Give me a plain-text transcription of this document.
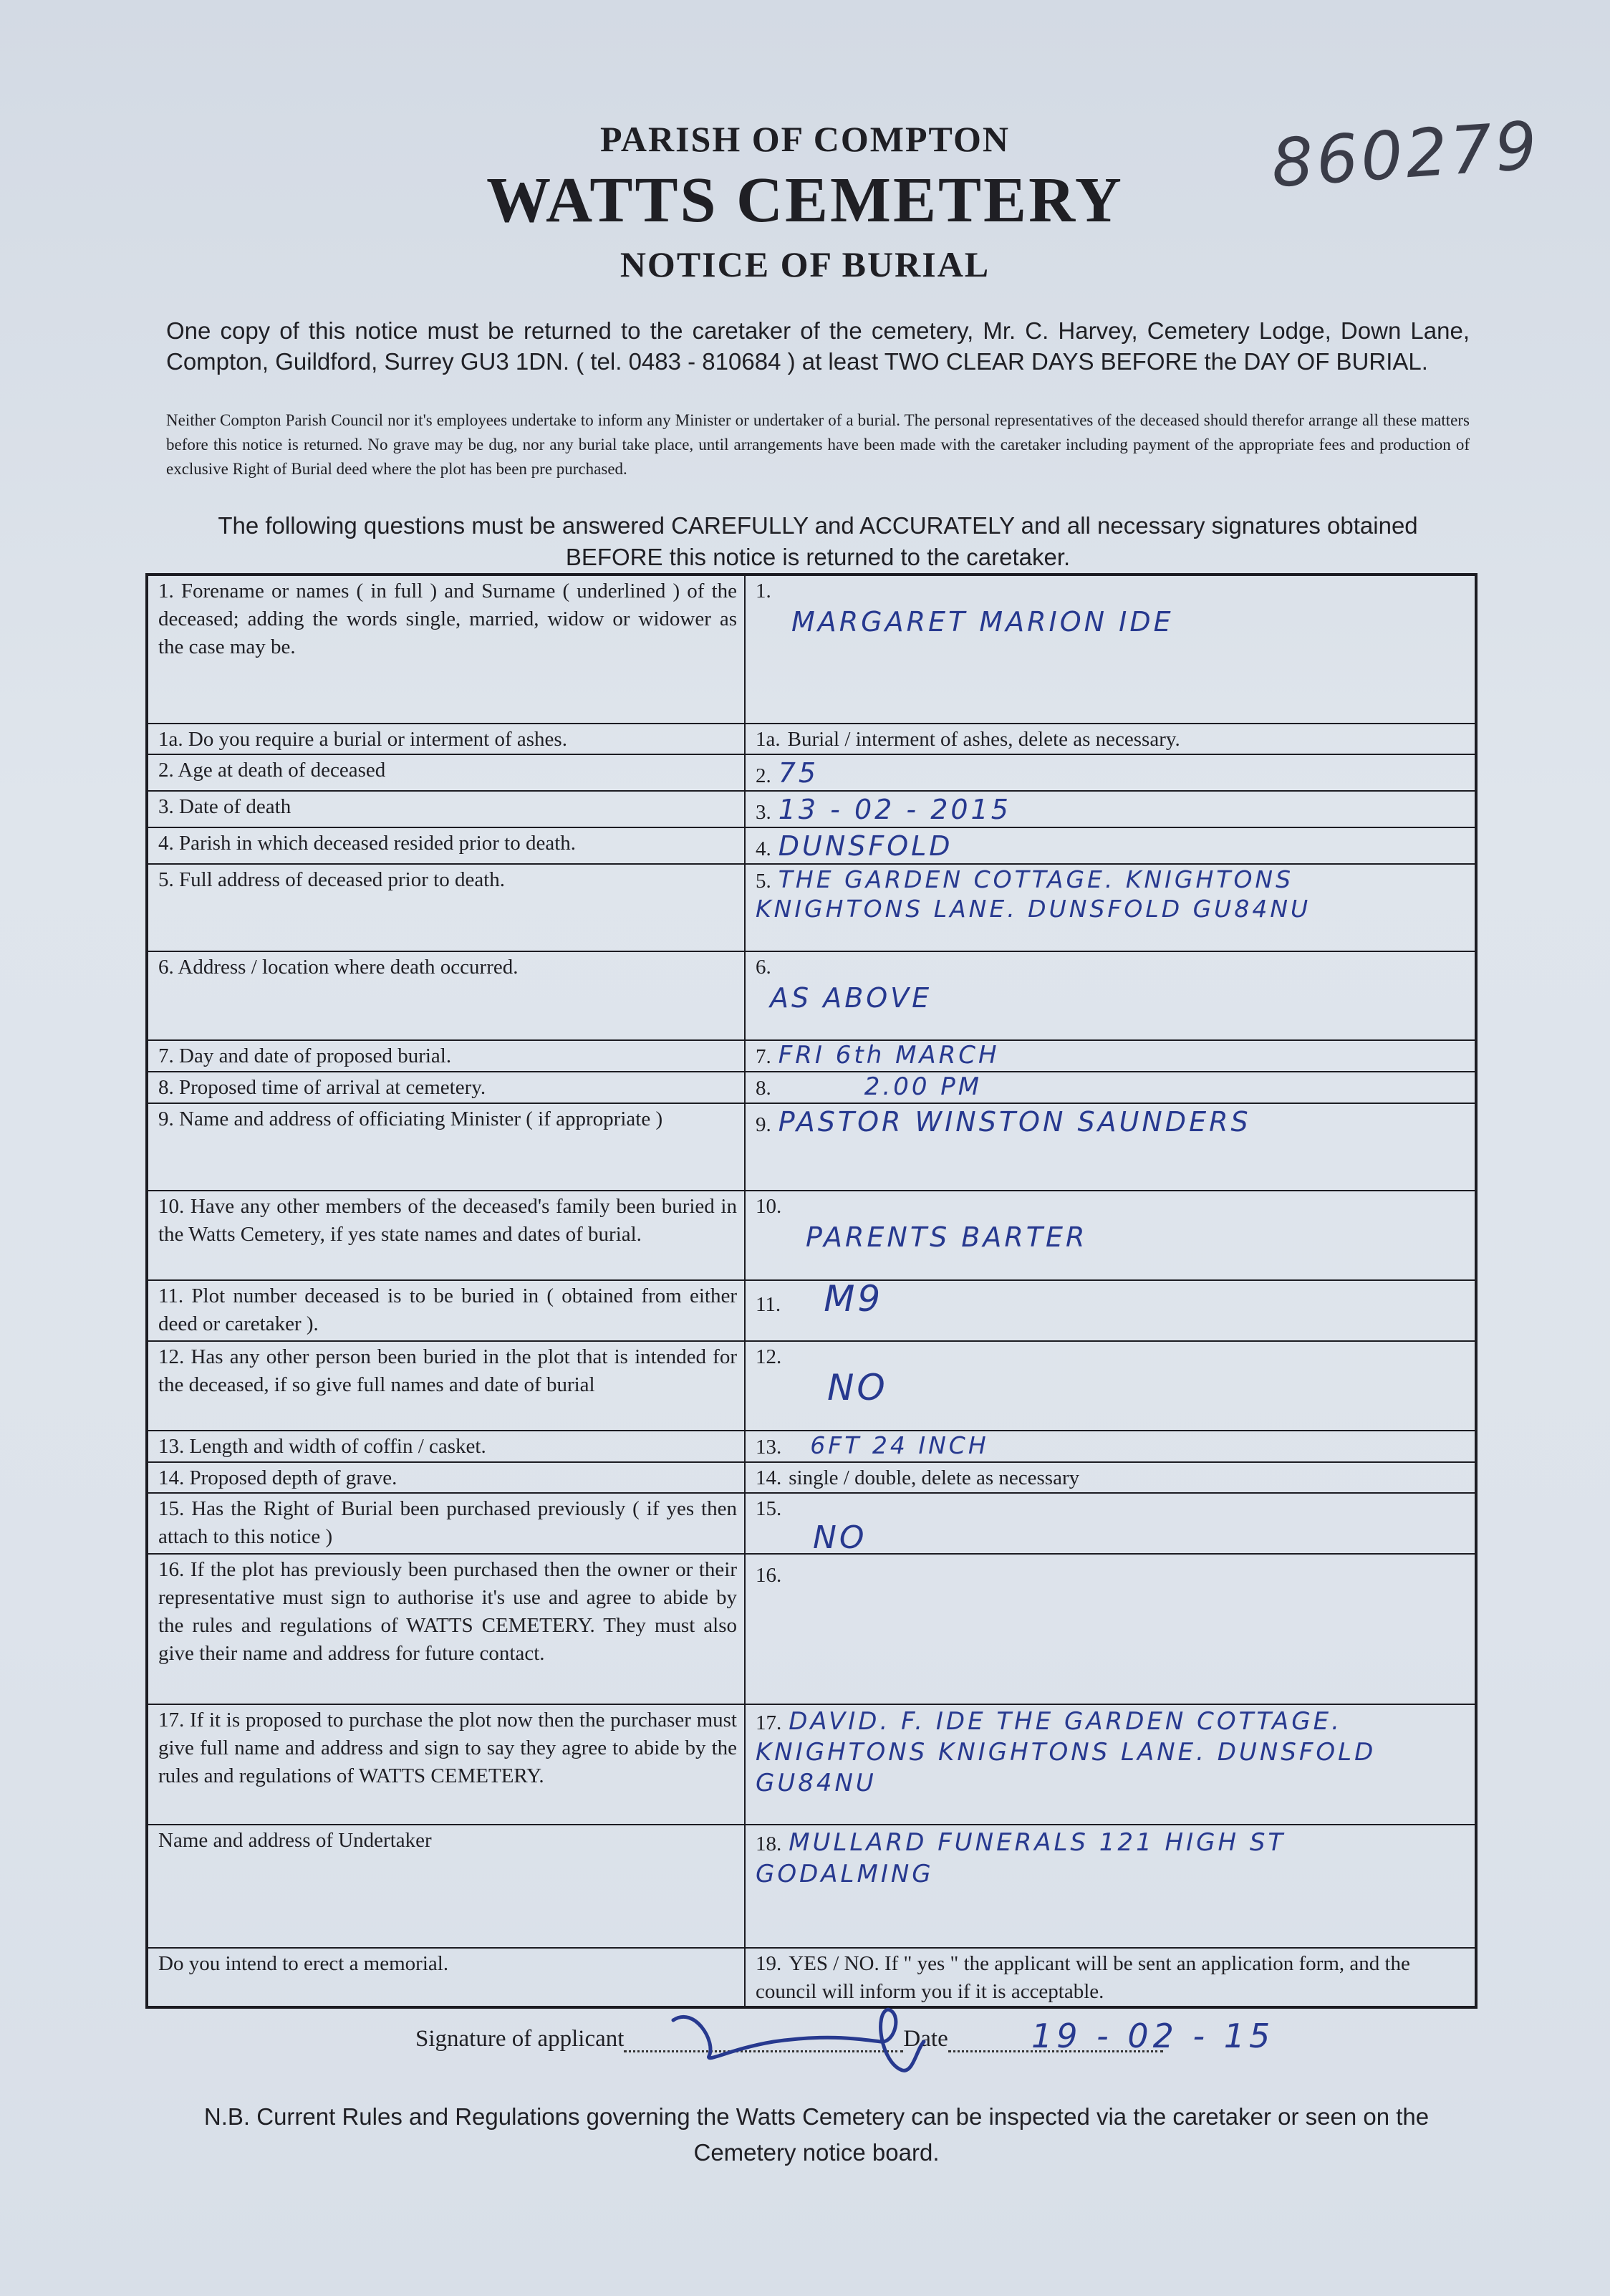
860279
PARISH OF COMPTON
WATTS CEMETERY
NOTICE OF BURIAL
One copy of this notice must be returned to the caretaker of the cemetery, Mr. C. Harvey, Cemetery Lodge, Down Lane, Compton, Guildford, Surrey GU3 1DN. ( tel. 0483 - 810684 ) at least TWO CLEAR DAYS BEFORE the DAY OF BURIAL.
Neither Compton Parish Council nor it's employees undertake to inform any Minister or undertaker of a burial. The personal representatives of the deceased should therefor arrange all these matters before this notice is returned. No grave may be dug, nor any burial take place, until arrangements have been made with the caretaker including payment of the appropriate fees and production of exclusive Right of Burial deed where the plot has been pre purchased.
The following questions must be answered CAREFULLY and ACCURATELY and all necessary signatures obtained BEFORE this notice is returned to the caretaker.
1. Forename or names ( in full ) and Surname ( underlined ) of the deceased; adding the words single, married, widow or widower as the case may be.	1.
MARGARET MARION IDE

1a. Do you require a burial or interment of ashes.	1a. Burial / interment of ashes, delete as necessary.
2. Age at death of deceased	2. 75
3. Date of death	3. 13 - 02 - 2015
4. Parish in which deceased resided prior to death.	4. DUNSFOLD
5. Full address of deceased prior to death.	5. THE GARDEN COTTAGE. KNIGHTONS KNIGHTONS LANE. DUNSFOLD GU84NU
6. Address / location where death occurred.	6.
AS ABOVE

7. Day and date of proposed burial.	7. FRI 6th MARCH
8. Proposed time of arrival at cemetery.	8. 2.00 PM
9. Name and address of officiating Minister ( if appropriate )	9. PASTOR WINSTON SAUNDERS
10. Have any other members of the deceased's family been buried in the Watts Cemetery, if yes state names and dates of burial.	10.
PARENTS BARTER

11. Plot number deceased is to be buried in ( obtained from either deed or caretaker ).	11. M9
12. Has any other person been buried in the plot that is intended for the deceased, if so give full names and date of burial	12.
NO

13. Length and width of coffin / casket.	13. 6FT 24 INCH
14. Proposed depth of grave.	14. single / double, delete as necessary
15. Has the Right of Burial been purchased previously ( if yes then attach to this notice )	15.
NO

16. If the plot has previously been purchased then the owner or their representative must sign to authorise it's use and agree to abide by the rules and regulations of WATTS CEMETERY. They must also give their name and address for future contact.	16.
17. If it is proposed to purchase the plot now then the purchaser must give full name and address and sign to say they agree to abide by the rules and regulations of WATTS CEMETERY.	17. DAVID. F. IDE THE GARDEN COTTAGE. KNIGHTONS KNIGHTONS LANE. DUNSFOLD GU84NU
Name and address of Undertaker	18. MULLARD FUNERALS 121 HIGH ST GODALMING
Do you intend to erect a memorial.	19. YES / NO. If " yes " the applicant will be sent an application form, and the council will inform you if it is acceptable.
Signature of applicant	Date	19 - 02 - 15
N.B. Current Rules and Regulations governing the Watts Cemetery can be inspected via the caretaker or seen on the Cemetery notice board.
